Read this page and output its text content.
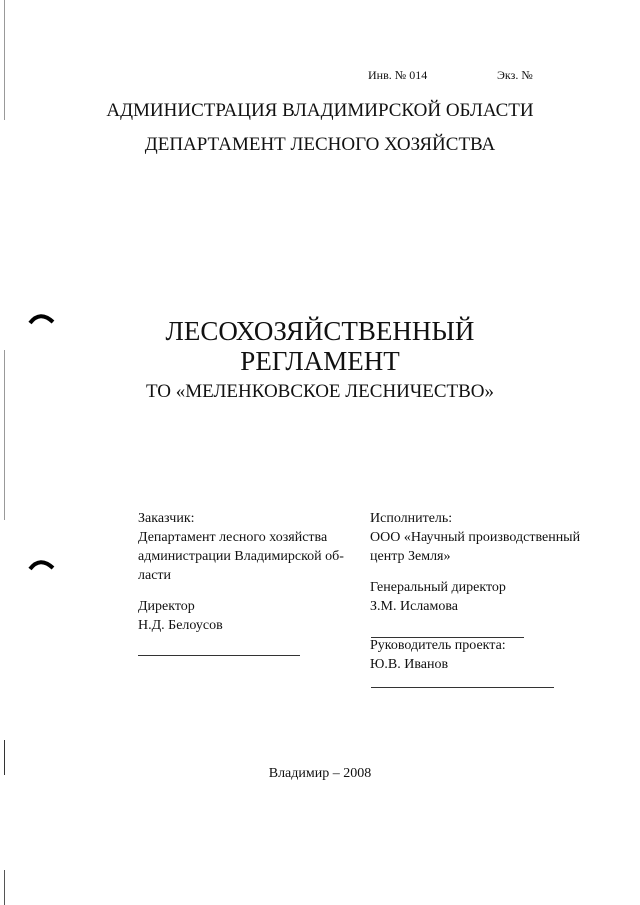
Инв. № 014	Экз. №
АДМИНИСТРАЦИЯ ВЛАДИМИРСКОЙ ОБЛАСТИ
ДЕПАРТАМЕНТ ЛЕСНОГО ХОЗЯЙСТВА
ЛЕСОХОЗЯЙСТВЕННЫЙ
РЕГЛАМЕНТ
ТО «МЕЛЕНКОВСКОЕ ЛЕСНИЧЕСТВО»
Заказчик:
Департамент лесного хозяйства
администрации Владимирской об-
ласти
Директор
Н.Д. Белоусов
Исполнитель:
ООО «Научный производственный
центр Земля»
Генеральный директор
З.М. Исламова
Руководитель проекта:
Ю.В. Иванов
Владимир – 2008
